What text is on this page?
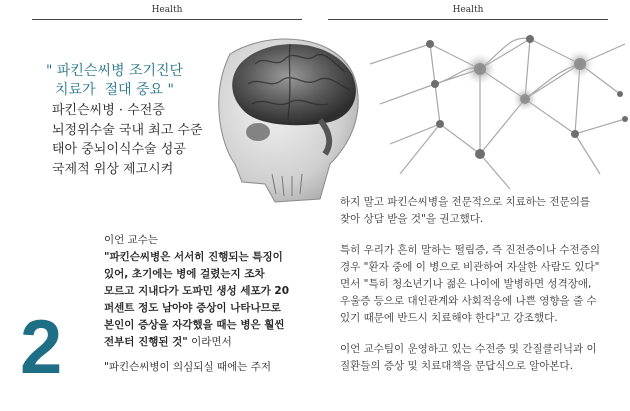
Health	Health
" 파킨슨씨병 조기진단
치료가  절대 중요 "
파킨슨씨병 · 수전증
뇌정위수술 국내 최고 수준
태아 중뇌이식수술 성공
국제적 위상 제고시켜
이언 교수는
"파킨슨씨병은 서서히 진행되는 특징이
있어, 초기에는 병에 걸렸는지 조차
모르고 지내다가 도파민 생성 세포가 20
퍼센트 정도 남아야 증상이 나타나므로
본인이 증상을 자각했을 때는 병은 훨씬
전부터 진행된 것" 이라면서
"파킨슨씨병이 의심되실 때에는 주저
2
하지 말고 파킨슨씨병을 전문적으로 치료하는 전문의를
찾아 상담 받을 것"을 권고했다.
특히 우리가 흔히 말하는 떨림증, 즉 진전증이나 수전증의
경우 "환자 중에 이 병으로 비관하여 자살한 사람도 있다"
면서 "특히 청소년기나 젊은 나이에 발병하면 성격장애,
우울증 등으로 대인관계와 사회적응에 나쁜 영향을 줄 수
있기 때문에 반드시 치료해야 한다"고 강조했다.
이언 교수팀이 운영하고 있는 수전증 및 간질클리닉과 이
질환들의 증상 및 치료대책을 문답식으로 알아본다.
